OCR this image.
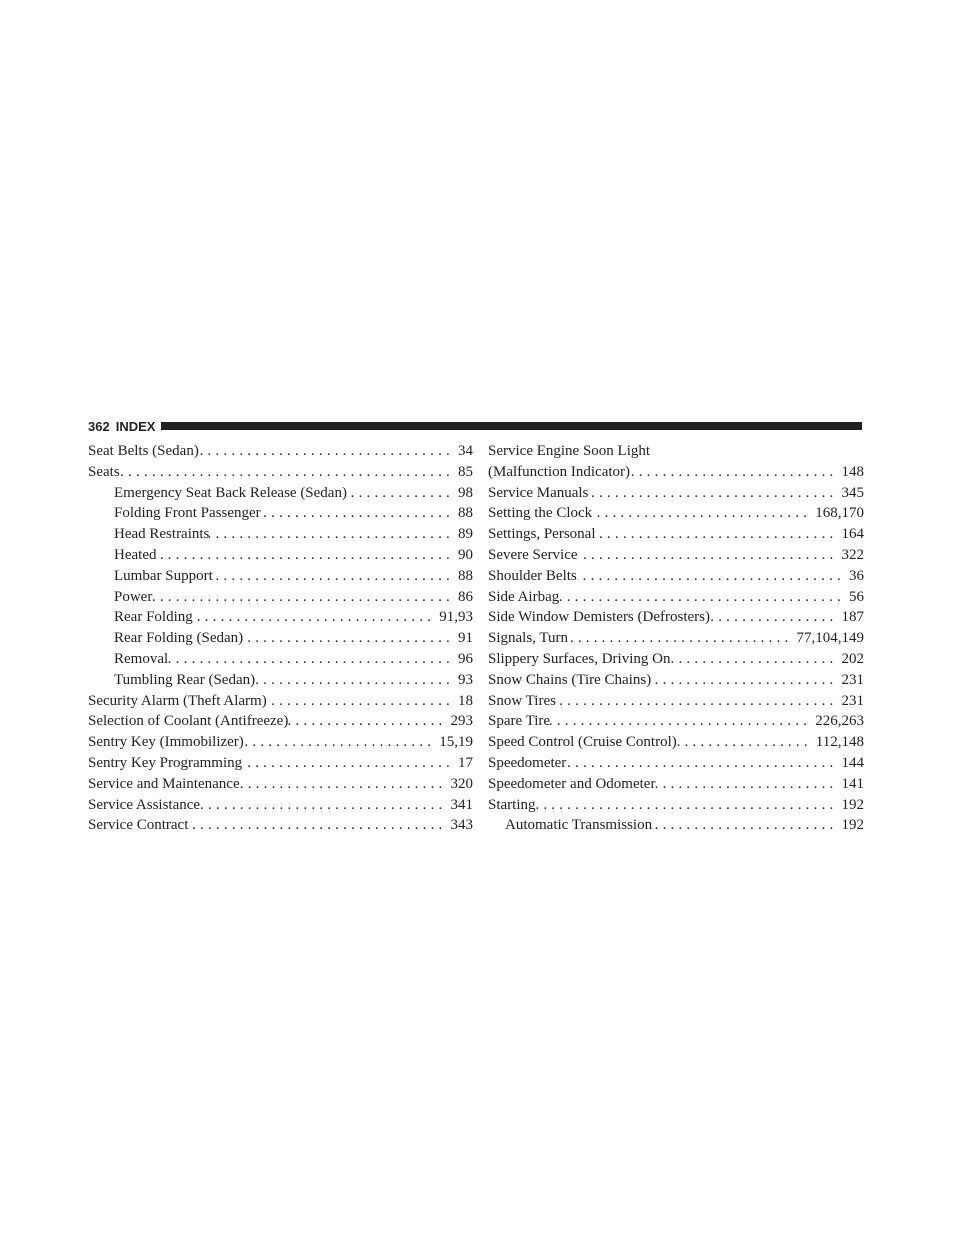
362 INDEX
Seat Belts (Sedan) .....	34
Seats .....	85
Emergency Seat Back Release (Sedan) .....	98
Folding Front Passenger .....	88
Head Restraints .....	89
Heated .....	90
Lumbar Support .....	88
Power .....	86
Rear Folding .....	91,93
Rear Folding (Sedan) .....	91
Removal .....	96
Tumbling Rear (Sedan) .....	93
Security Alarm (Theft Alarm) .....	18
Selection of Coolant (Antifreeze) .....	293
Sentry Key (Immobilizer) .....	15,19
Sentry Key Programming .....	17
Service and Maintenance .....	320
Service Assistance .....	341
Service Contract .....	343
Service Engine Soon Light
(Malfunction Indicator) .....	148
Service Manuals .....	345
Setting the Clock .....	168,170
Settings, Personal .....	164
Severe Service .....	322
Shoulder Belts .....	36
Side Airbag .....	56
Side Window Demisters (Defrosters) .....	187
Signals, Turn .....	77,104,149
Slippery Surfaces, Driving On .....	202
Snow Chains (Tire Chains) .....	231
Snow Tires .....	231
Spare Tire .....	226,263
Speed Control (Cruise Control) .....	112,148
Speedometer .....	144
Speedometer and Odometer .....	141
Starting .....	192
Automatic Transmission .....	192
